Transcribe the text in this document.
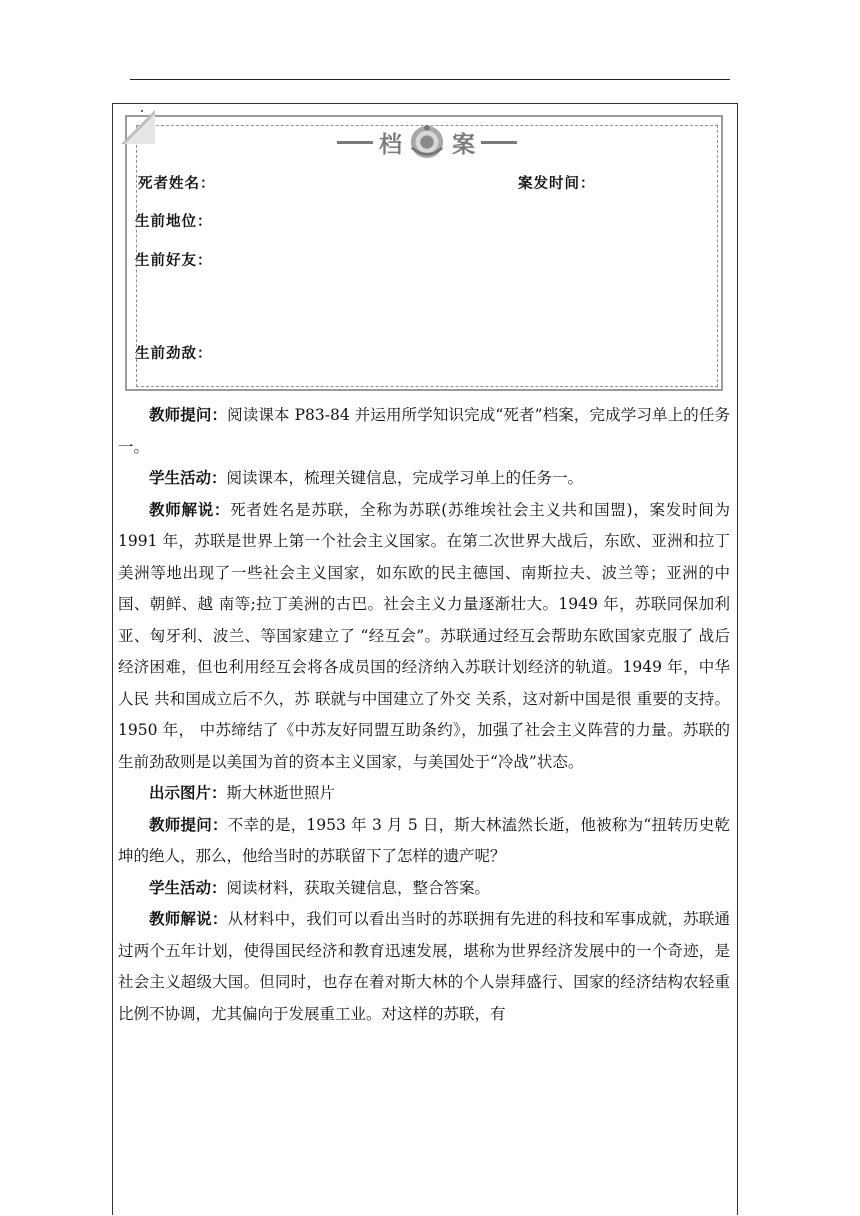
档 案
死者姓名：	案发时间：
生前地位：
生前好友：
生前劲敌：

教师提问：阅读课本 P83-84 并运用所学知识完成“死者”档案，完成学习单上的任务一。

学生活动：阅读课本，梳理关键信息，完成学习单上的任务一。

教师解说：死者姓名是苏联，全称为苏联(苏维埃社会主义共和国盟)，案发时间为 1991 年，苏联是世界上第一个社会主义国家。在第二次世界大战后，东欧、亚洲和拉丁美洲等地出现了一些社会主义国家，如东欧的民主德国、南斯拉夫、波兰等；亚洲的中国、朝鲜、越 南等;拉丁美洲的古巴。社会主义力量逐渐壮大。1949 年，苏联同保加利亚、匈牙利、波兰、等国家建立了 “经互会”。苏联通过经互会帮助东欧国家克服了 战后经济困难，但也利用经互会将各成员国的经济纳入苏联计划经济的轨道。1949 年，中华人民 共和国成立后不久，苏 联就与中国建立了外交 关系，这对新中国是很 重要的支持。1950 年， 中苏缔结了《中苏友好同盟互助条约》，加强了社会主义阵营的力量。苏联的生前劲敌则是以美国为首的资本主义国家，与美国处于“冷战”状态。

出示图片：斯大林逝世照片

教师提问：不幸的是，1953 年 3 月 5 日，斯大林溘然长逝，他被称为“扭转历史乾坤的绝人，那么，他给当时的苏联留下了怎样的遗产呢？

学生活动：阅读材料，获取关键信息，整合答案。

教师解说：从材料中，我们可以看出当时的苏联拥有先进的科技和军事成就，苏联通过两个五年计划，使得国民经济和教育迅速发展，堪称为世界经济发展中的一个奇迹，是社会主义超级大国。但同时，也存在着对斯大林的个人崇拜盛行、国家的经济结构农轻重比例不协调，尤其偏向于发展重工业。对这样的苏联，有
